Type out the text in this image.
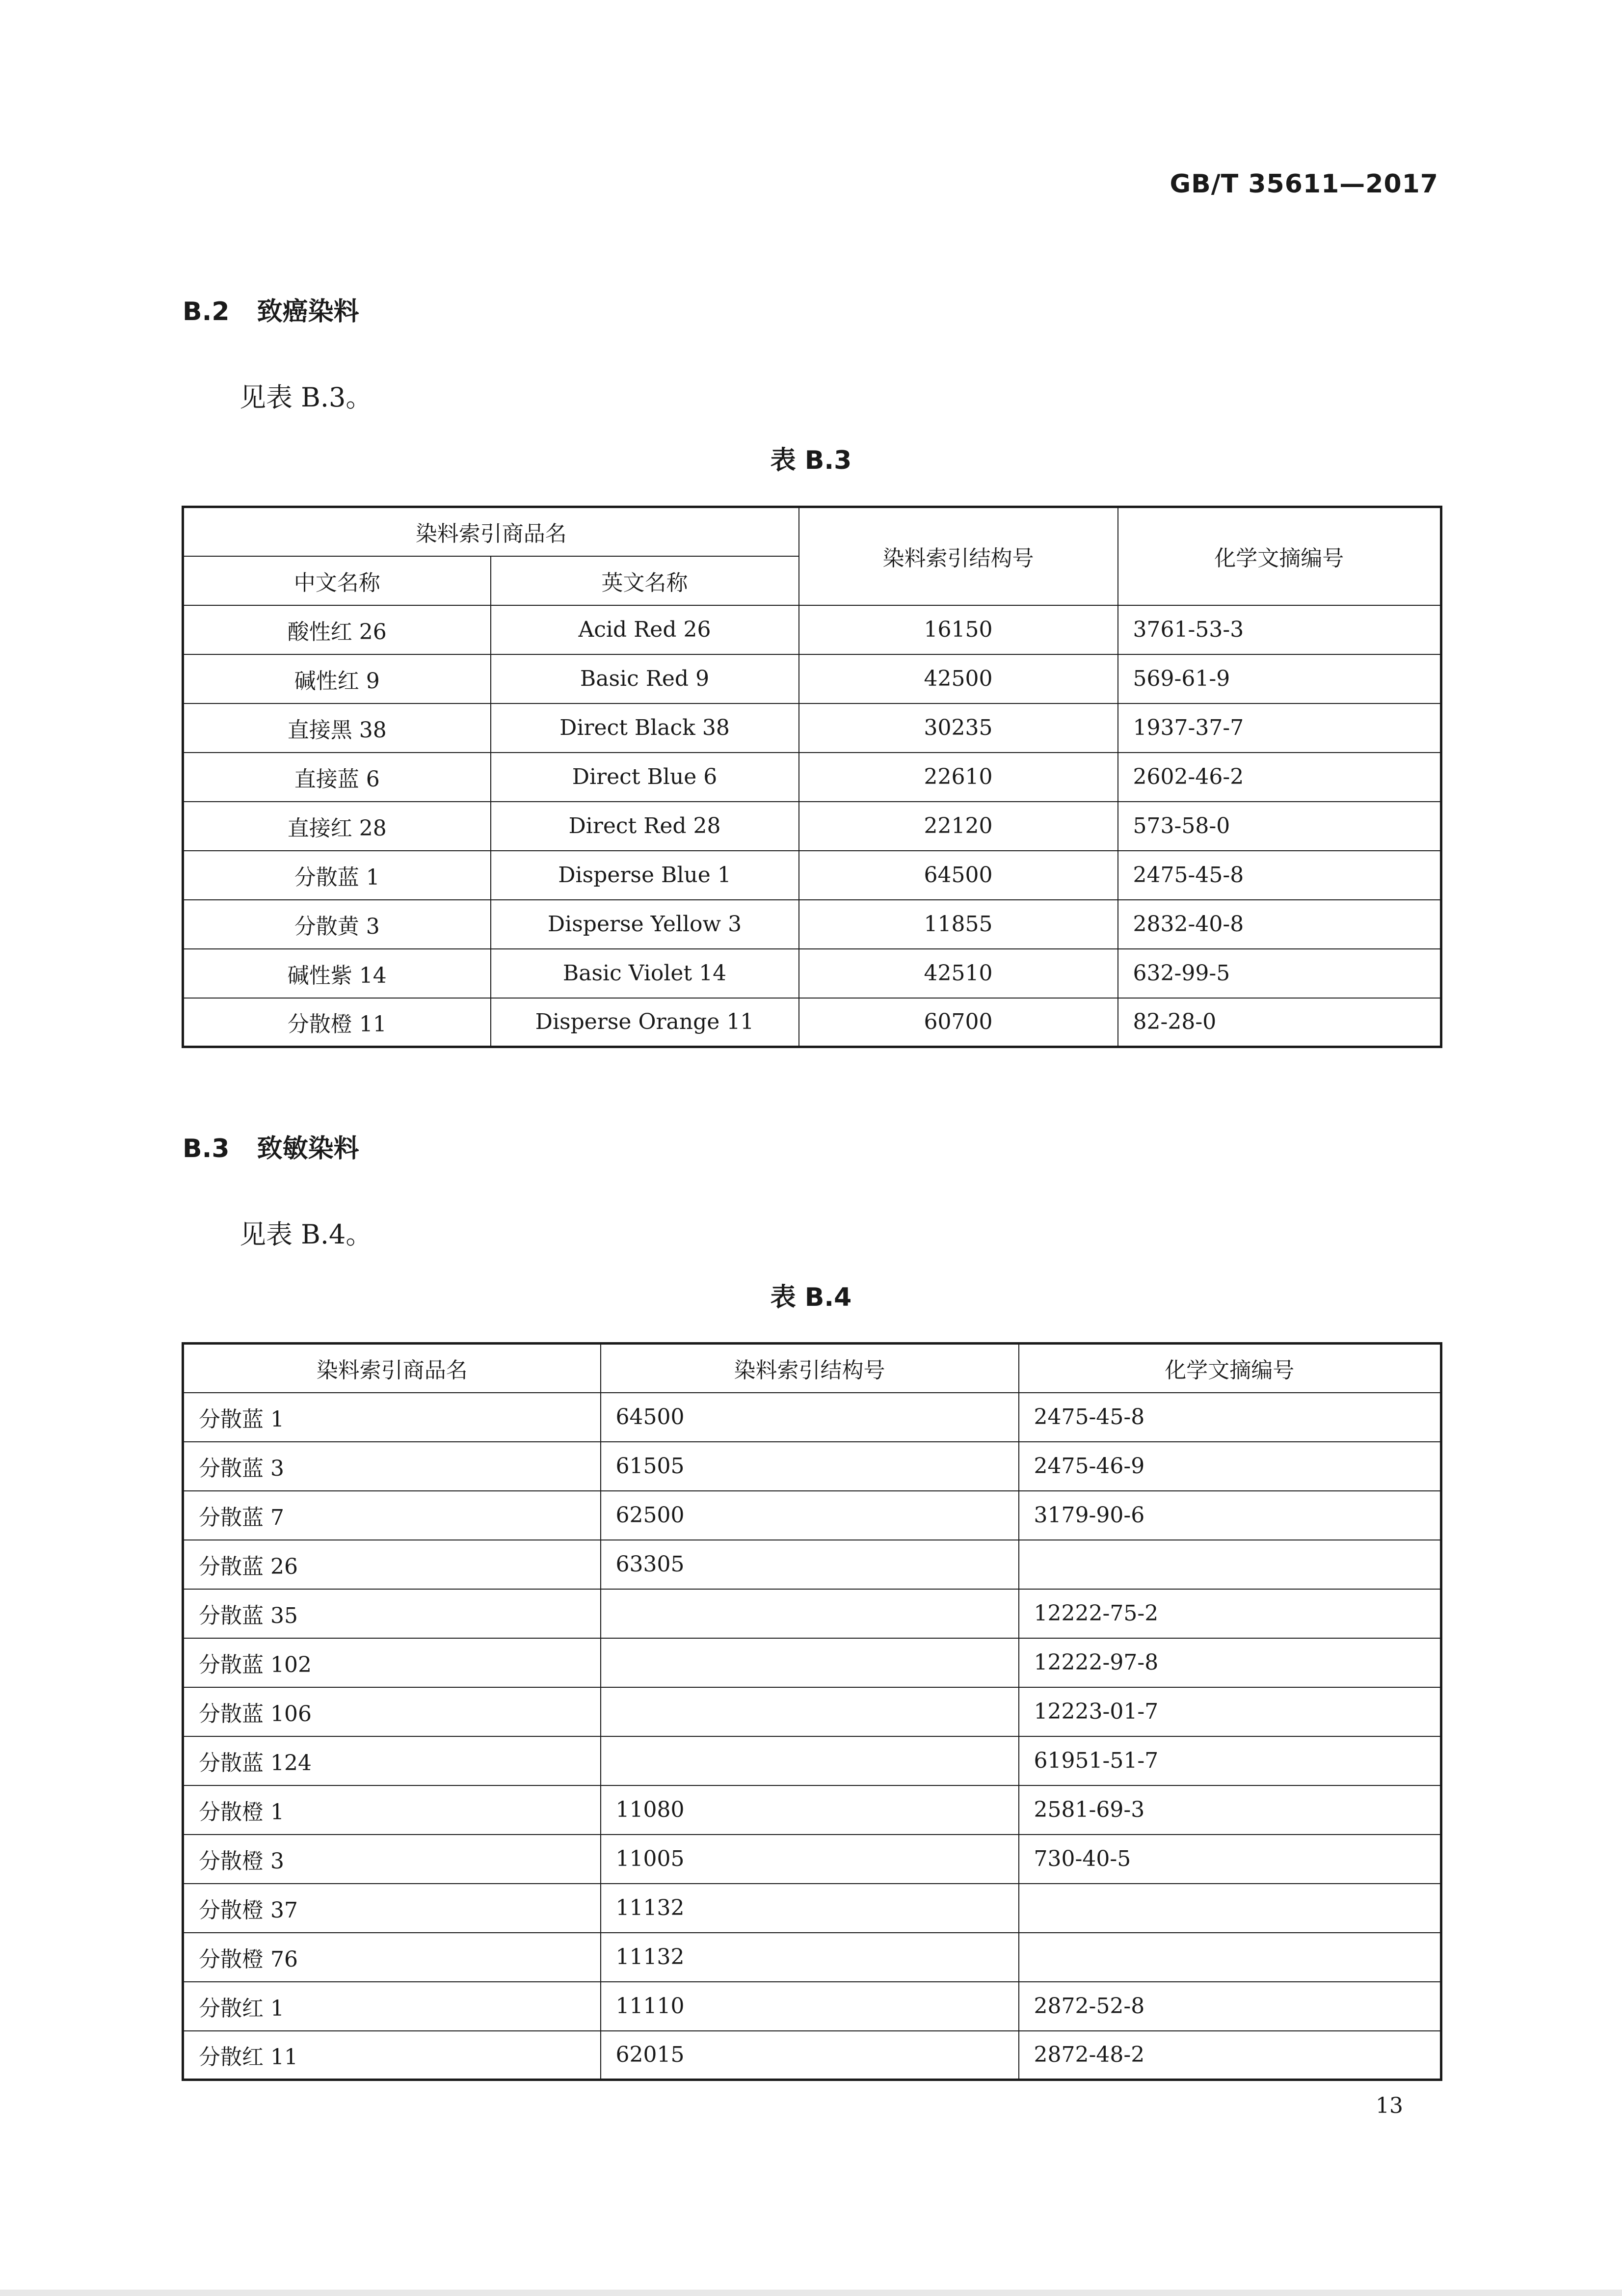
GB/T 35611—2017
B.2 致癌染料
见表 B.3。
表 B.3
染料索引商品名		染料索引结构号	化学文摘编号
中文名称	英文名称		
酸性红 26	Acid Red 26	16150	3761-53-3
碱性红 9	Basic Red 9	42500	569-61-9
直接黑 38	Direct Black 38	30235	1937-37-7
直接蓝 6	Direct Blue 6	22610	2602-46-2
直接红 28	Direct Red 28	22120	573-58-0
分散蓝 1	Disperse Blue 1	64500	2475-45-8
分散黄 3	Disperse Yellow 3	11855	2832-40-8
碱性紫 14	Basic Violet 14	42510	632-99-5
分散橙 11	Disperse Orange 11	60700	82-28-0
B.3 致敏染料
见表 B.4。
表 B.4
染料索引商品名	染料索引结构号	化学文摘编号
分散蓝 1	64500	2475-45-8
分散蓝 3	61505	2475-46-9
分散蓝 7	62500	3179-90-6
分散蓝 26	63305	
分散蓝 35		12222-75-2
分散蓝 102		12222-97-8
分散蓝 106		12223-01-7
分散蓝 124		61951-51-7
分散橙 1	11080	2581-69-3
分散橙 3	11005	730-40-5
分散橙 37	11132	
分散橙 76	11132	
分散红 1	11110	2872-52-8
分散红 11	62015	2872-48-2
13
